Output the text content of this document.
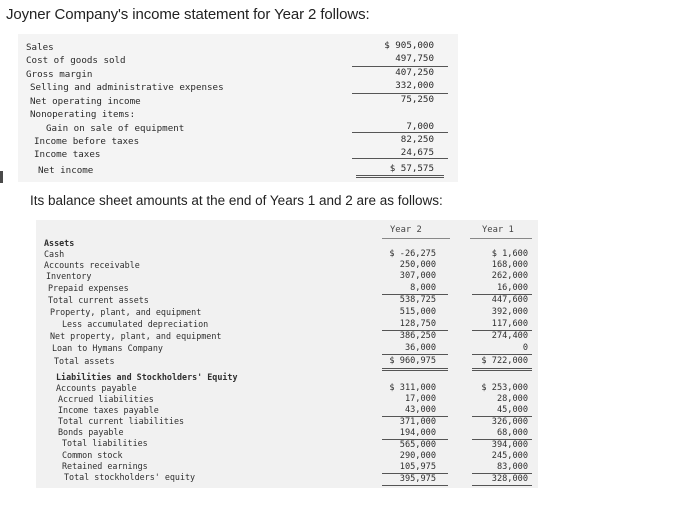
Joyner Company's income statement for Year 2 follows:
Sales	$ 905,000
Cost of goods sold	497,750
Gross margin	407,250
Selling and administrative expenses	332,000
Net operating income	75,250
Nonoperating items:
Gain on sale of equipment	7,000
Income before taxes	82,250
Income taxes	24,675
Net income	$ 57,575
Its balance sheet amounts at the end of Years 1 and 2 are as follows:
Year 2	Year 1
Assets
Cash	$ -26,275	$ 1,600
Accounts receivable	250,000	168,000
Inventory	307,000	262,000
Prepaid expenses	8,000	16,000
Total current assets	538,725	447,600
Property, plant, and equipment	515,000	392,000
Less accumulated depreciation	128,750	117,600
Net property, plant, and equipment	386,250	274,400
Loan to Hymans Company	36,000	0
Total assets	$ 960,975	$ 722,000
Liabilities and Stockholders' Equity
Accounts payable	$ 311,000	$ 253,000
Accrued liabilities	17,000	28,000
Income taxes payable	43,000	45,000
Total current liabilities	371,000	326,000
Bonds payable	194,000	68,000
Total liabilities	565,000	394,000
Common stock	290,000	245,000
Retained earnings	105,975	83,000
Total stockholders' equity	395,975	328,000
